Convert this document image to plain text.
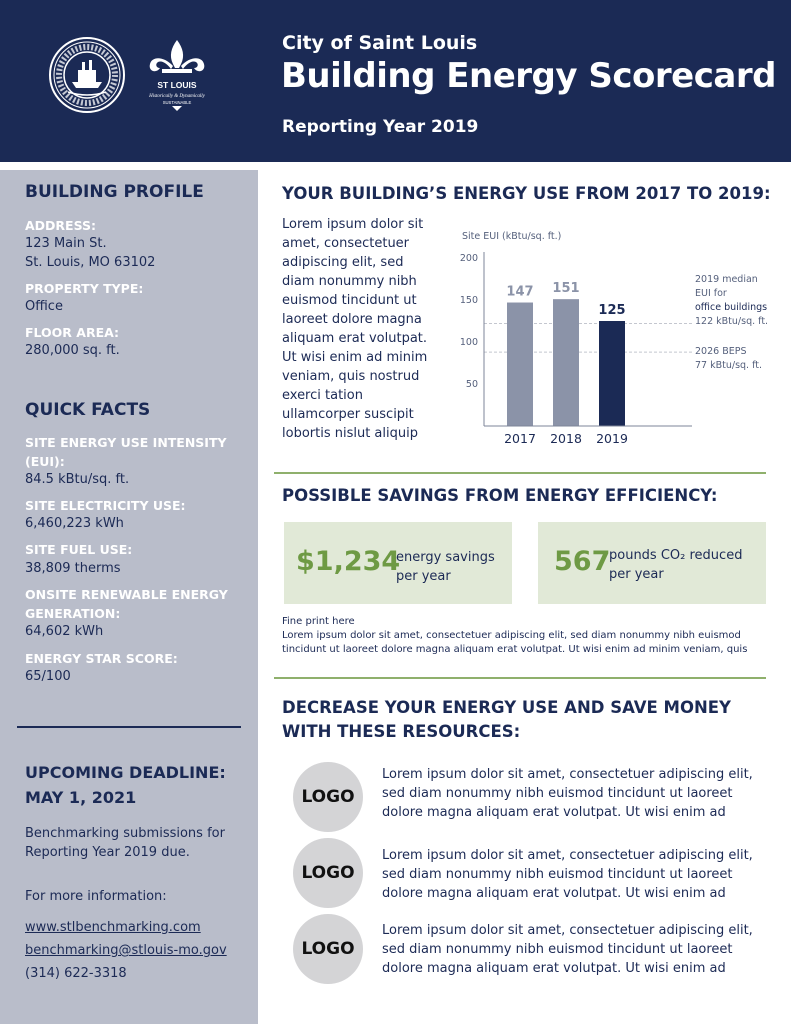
ST LOUIS
Historically & Dynamically
SUSTAINABLE
City of Saint Louis
Building Energy Scorecard
Reporting Year 2019
BUILDING PROFILE
ADDRESS:
123 Main St.
St. Louis, MO 63102
PROPERTY TYPE:
Office
FLOOR AREA:
280,000 sq. ft.
QUICK FACTS
SITE ENERGY USE INTENSITY (EUI):
84.5 kBtu/sq. ft.
SITE ELECTRICITY USE:
6,460,223 kWh
SITE FUEL USE:
38,809 therms
ONSITE RENEWABLE ENERGY GENERATION:
64,602 kWh
ENERGY STAR SCORE:
65/100
UPCOMING DEADLINE:
MAY 1, 2021
Benchmarking submissions for Reporting Year 2019 due.
For more information:
www.stlbenchmarking.com
benchmarking@stlouis-mo.gov
(314) 622-3318
YOUR BUILDING’S ENERGY USE FROM 2017 TO 2019:
Lorem ipsum dolor sit amet, consectetuer adipiscing elit, sed diam nonummy nibh euismod tincidunt ut laoreet dolore magna aliquam erat volutpat. Ut wisi enim ad minim veniam, quis nostrud exerci tation ullamcorper suscipit lobortis nislut aliquip
Site EUI (kBtu/sq. ft.)
50
100
150
200
147
2017
151
2018
125
2019
2019 median
EUI for
office buildings
122 kBtu/sq. ft.
2026 BEPS
77 kBtu/sq. ft.
POSSIBLE SAVINGS FROM ENERGY EFFICIENCY:
$1,234
energy savings
per year	567
pounds CO₂ reduced
per year
Fine print here
Lorem ipsum dolor sit amet, consectetuer adipiscing elit, sed diam nonummy nibh euismod tincidunt ut laoreet dolore magna aliquam erat volutpat. Ut wisi enim ad minim veniam, quis
DECREASE YOUR ENERGY USE AND SAVE MONEY
WITH THESE RESOURCES:
LOGO
Lorem ipsum dolor sit amet, consectetuer adipiscing elit, sed diam nonummy nibh euismod tincidunt ut laoreet dolore magna aliquam erat volutpat. Ut wisi enim ad
LOGO
Lorem ipsum dolor sit amet, consectetuer adipiscing elit, sed diam nonummy nibh euismod tincidunt ut laoreet dolore magna aliquam erat volutpat. Ut wisi enim ad
LOGO
Lorem ipsum dolor sit amet, consectetuer adipiscing elit, sed diam nonummy nibh euismod tincidunt ut laoreet dolore magna aliquam erat volutpat. Ut wisi enim ad
